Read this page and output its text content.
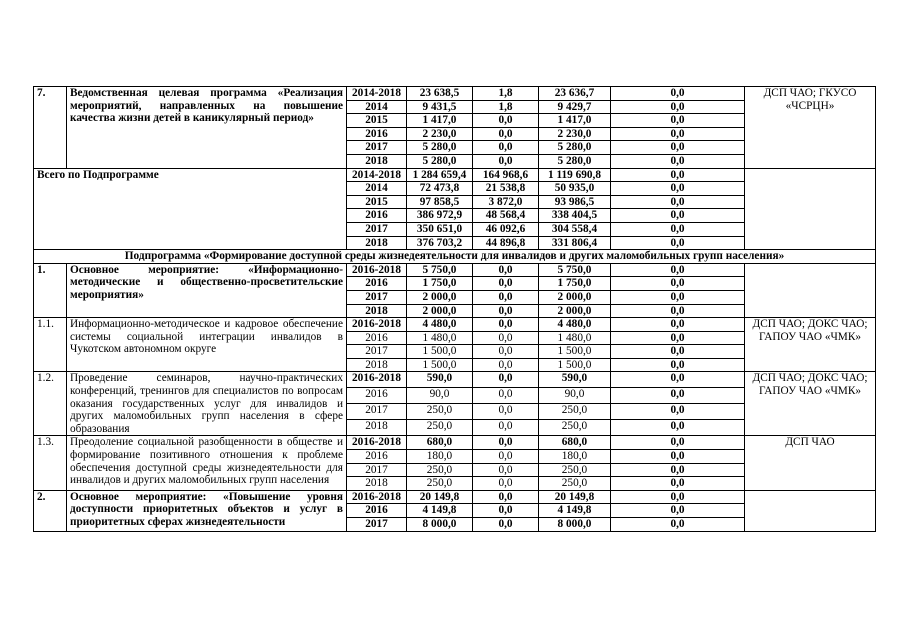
7.	Ведомственная целевая программа «Реализация мероприятий, направленных на повышение качества жизни детей в каникулярный период»	2014-2018	23 638,5	1,8	23 636,7	0,0	ДСП ЧАО; ГКУСО «ЧСРЦН»
		2014	9 431,5	1,8	9 429,7	0,0	
		2015	1 417,0	0,0	1 417,0	0,0	
		2016	2 230,0	0,0	2 230,0	0,0	
		2017	5 280,0	0,0	5 280,0	0,0	
		2018	5 280,0	0,0	5 280,0	0,0	
Всего по Подпрограмме		2014-2018	1 284 659,4	164 968,6	1 119 690,8	0,0	
		2014	72 473,8	21 538,8	50 935,0	0,0	
		2015	97 858,5	3 872,0	93 986,5	0,0	
		2016	386 972,9	48 568,4	338 404,5	0,0	
		2017	350 651,0	46 092,6	304 558,4	0,0	
		2018	376 703,2	44 896,8	331 806,4	0,0	
Подпрограмма «Формирование доступной среды жизнедеятельности для инвалидов и других маломобильных групп населения»							
1.	Основное мероприятие: «Информационно-методические и общественно-просветительские мероприятия»	2016-2018	5 750,0	0,0	5 750,0	0,0	
		2016	1 750,0	0,0	1 750,0	0,0	
		2017	2 000,0	0,0	2 000,0	0,0	
		2018	2 000,0	0,0	2 000,0	0,0	
1.1.	Информационно-методическое и кадровое обеспечение системы социальной интеграции инвалидов в Чукотском автономном округе	2016-2018	4 480,0	0,0	4 480,0	0,0	ДСП ЧАО; ДОКС ЧАО; ГАПОУ ЧАО «ЧМК»
		2016	1 480,0	0,0	1 480,0	0,0	
		2017	1 500,0	0,0	1 500,0	0,0	
		2018	1 500,0	0,0	1 500,0	0,0	
1.2.	Проведение семинаров, научно-практических конференций, тренингов для специалистов по вопросам оказания государственных услуг для инвалидов и других маломобильных групп населения в сфере образования	2016-2018	590,0	0,0	590,0	0,0	ДСП ЧАО; ДОКС ЧАО; ГАПОУ ЧАО «ЧМК»
		2016	90,0	0,0	90,0	0,0	
		2017	250,0	0,0	250,0	0,0	
		2018	250,0	0,0	250,0	0,0	
1.3.	Преодоление социальной разобщенности в обществе и формирование позитивного отношения к проблеме обеспечения доступной среды жизнедеятельности для инвалидов и других маломобильных групп населения	2016-2018	680,0	0,0	680,0	0,0	ДСП ЧАО
		2016	180,0	0,0	180,0	0,0	
		2017	250,0	0,0	250,0	0,0	
		2018	250,0	0,0	250,0	0,0	
2.	Основное мероприятие: «Повышение уровня доступности приоритетных объектов и услуг в приоритетных сферах жизнедеятельности	2016-2018	20 149,8	0,0	20 149,8	0,0	
		2016	4 149,8	0,0	4 149,8	0,0	
		2017	8 000,0	0,0	8 000,0	0,0	
